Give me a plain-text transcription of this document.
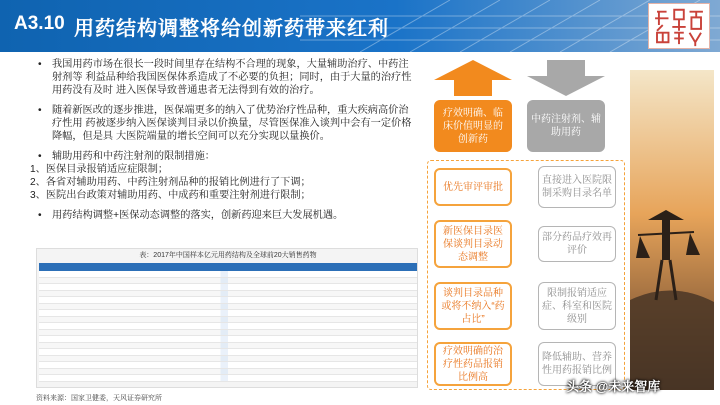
A3.10 用药结构调整将给创新药带来红利
• 我国用药市场在很长一段时间里存在结构不合理的现象，大量辅助治疗、中药注射剂等 利益品种给我国医保体系造成了不必要的负担；同时，由于大量的治疗性用药没有及时 进入医保导致普通患者无法得到有效的治疗。
• 随着新医改的逐步推进，医保端更多的纳入了优势治疗性品种，重大疾病高价治疗性用 药被逐步纳入医保谈判目录以价换量，尽管医保准入谈判中会有一定价格降幅，但是具 大医院端量的增长空间可以充分实现以量换价。
• 辅助用药和中药注射剂的限制措施：
1、医保目录报销适应症限制；
2、各省对辅助用药、中药注射剂品种的报销比例进行了下调；
3、医院出台政策对辅助用药、中成药和重要注射剂进行限制；
• 用药结构调整+医保动态调整的落实，创新药迎来巨大发展机遇。
表：2017年中国样本亿元用药结构及全球前20大销售药物
资料来源：国家卫健委，天风证券研究所
疗效明确、临床价值明显的创新药
中药注射剂、辅助用药
优先审评审批
新医保目录医保谈判目录动态调整
谈判目录品种或将不纳入“药占比”
疗效明确的治疗性药品报销比例高
直接进入医院限制采购目录名单
部分药品疗效再评价
限制报销适应症、科室和医院级别
降低辅助、营养性用药报销比例
头条 @未来智库
